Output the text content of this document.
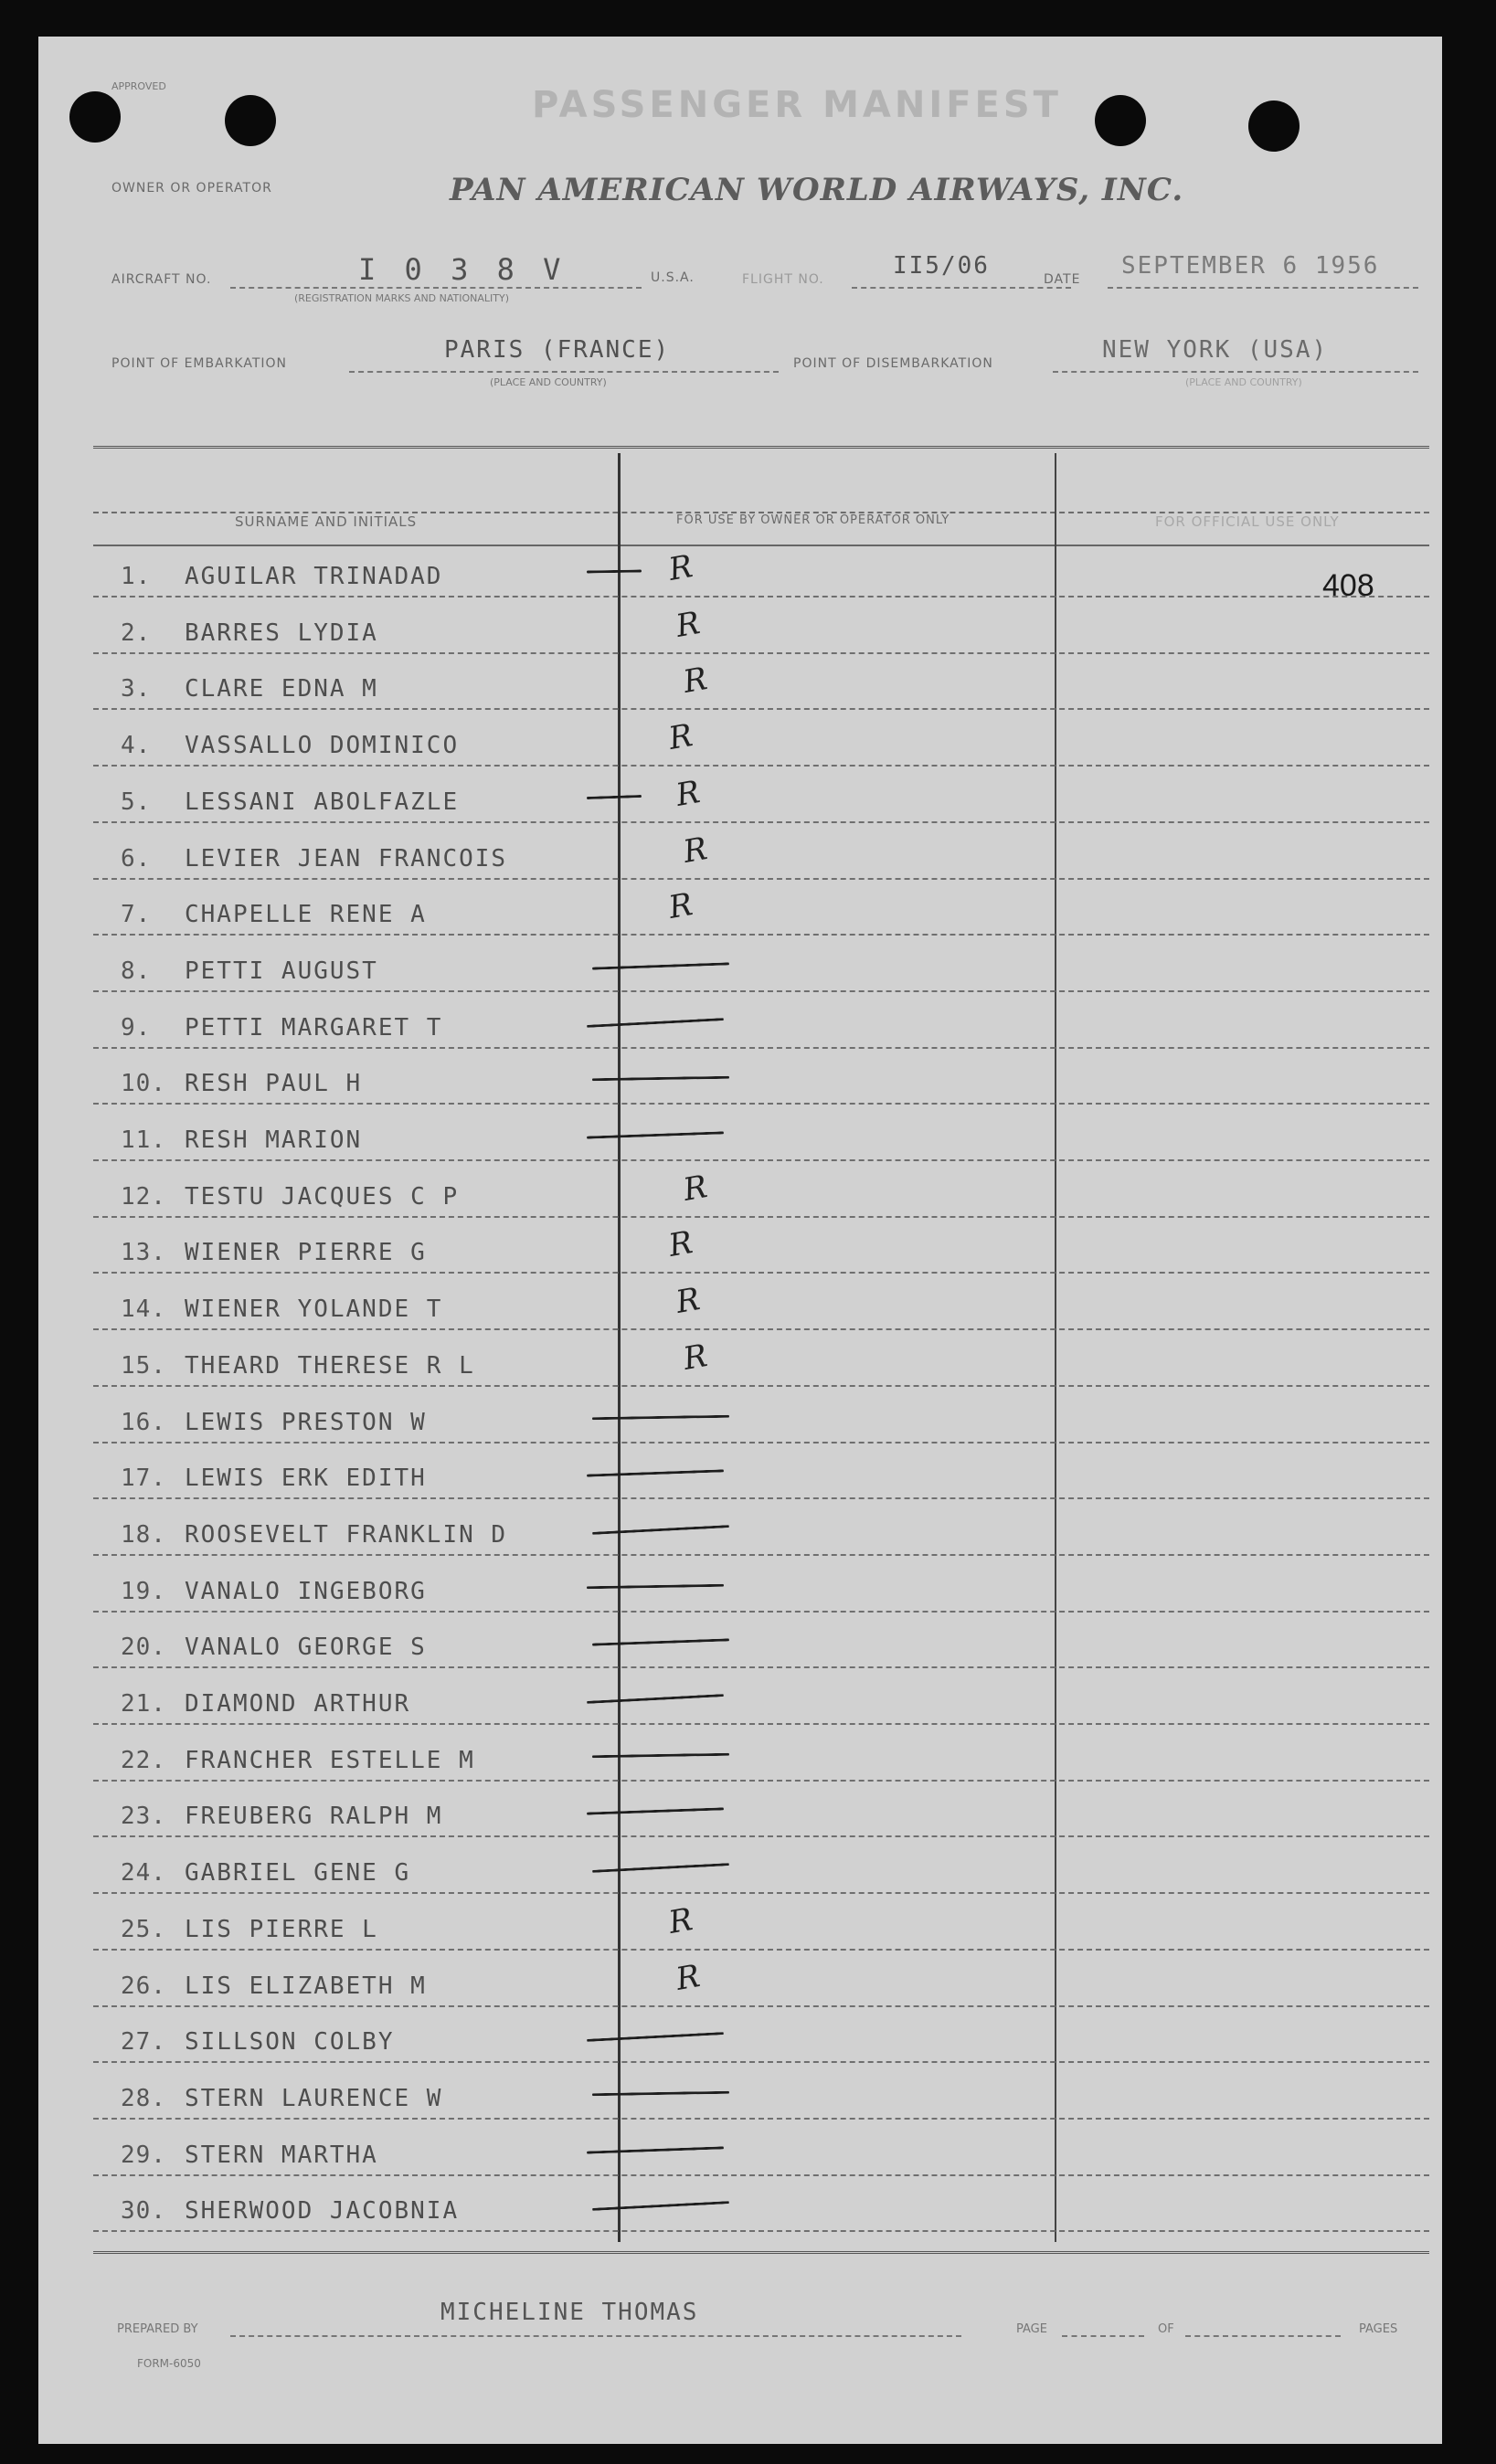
APPROVED	PASSENGER MANIFEST
OWNER OR OPERATOR	PAN AMERICAN WORLD AIRWAYS, INC.
AIRCRAFT NO.	I 0 3 8 V
(REGISTRATION MARKS AND NATIONALITY)
U.S.A.	FLIGHT NO.	II5/06	DATE SEPTEMBER 6 1956
POINT OF EMBARKATION	PARIS (FRANCE)
(PLACE AND COUNTRY)
POINT OF DISEMBARKATION	NEW YORK (USA)
(PLACE AND COUNTRY)
SURNAME AND INITIALS	FOR USE BY OWNER OR OPERATOR ONLY	FOR OFFICIAL USE ONLY
1.	AGUILAR TRINADAD	R
2.	BARRES LYDIA	R
3.	CLARE EDNA M	R
4.	VASSALLO DOMINICO	R
5.	LESSANI ABOLFAZLE	R
6.	LEVIER JEAN FRANCOIS	R
7.	CHAPELLE RENE A	R
8.	PETTI AUGUST
9.	PETTI MARGARET T
10. RESH PAUL H
11. RESH MARION
12. TESTU JACQUES C P	R
13. WIENER PIERRE G	R
14. WIENER YOLANDE T	R
15. THEARD THERESE R L	R
16. LEWIS PRESTON W
17. LEWIS ERK EDITH
18. ROOSEVELT FRANKLIN D
19. VANALO INGEBORG
20. VANALO GEORGE S
21. DIAMOND ARTHUR
22. FRANCHER ESTELLE M
23. FREUBERG RALPH M
24. GABRIEL GENE G
25. LIS PIERRE L	R
26. LIS ELIZABETH M	R
27. SILLSON COLBY
28. STERN LAURENCE W
29. STERN MARTHA
30. SHERWOOD JACOBNIA
408
PREPARED BY
MICHELINE THOMAS
PAGE	OF	PAGES
FORM-6050
